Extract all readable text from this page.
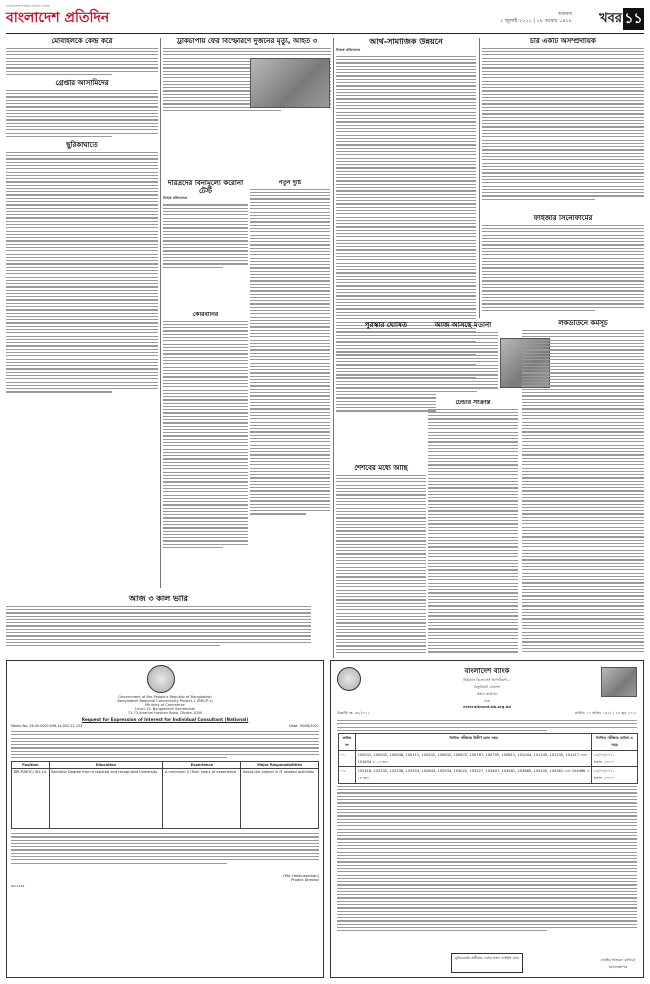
বাংলাদেশের সর্বাধিক প্রচারিত দৈনিক
বাংলাদেশ প্রতিদিন	শুক্রবার
২ জুলাই ২০২১ | ১৮ আষাঢ় ১৪২৮ খবর ১১
মোবাইলকে কেন্দ্র করে
গ্রেপ্তার আসামিদের
ছুরিকাঘাতে
আজ ৩ কাল ভারি
Government of the People's Republic of Bangladesh
Bangladesh Regional Connectivity Project-1 (BRCP-1)
Ministry of Commerce
Level-13, Bangladesh Secretariat
71-73 Ibrahim Hoshen Road, Dhaka-1000
Request for Expression of Interest for Individual Consultant (National)
Memo No: 26.00.0000.006.14.002.21-123	Date: 30/06/2021
Position	Education	Experience	Major Responsibilities
BRCP/MOC/ SD-14	Bachelor Degree from a reputed and recognized University	A minimum 5 (five) years of experience	Assist the project in IT related activities
(Md. Helaluzzaman)
Project Director
GD-1234
ট্রাকচাপায় ফের বিস্ফোরণে দুজনের মৃত্যু, আহত ৩
দরিদ্রদের বিনামূল্যে করোনা টেস্ট
নিজস্ব প্রতিবেদক
কোরবানির
নতুন দুষ্টি
আর্থ-সামাজিক উন্নয়নে
নিজস্ব প্রতিবেদক
পুরস্কার ঘোষিত
শৈশবের মধ্যে আছি
আজ আসছে মডার্না
টেন্ডার সংক্রান্ত
চরি একটি অসম্প্রদায়িক
ফাইজার সিনোফার্মের
লকডাউনে কর্মসূচ
বাংলাদেশ ব্যাংক
হিউম্যান রিসোর্সেস ডিপার্টমেন্ট-১
রিক্রুটমেন্ট সেকশন
প্রধান কার্যালয়
ঢাকা
erecruitment.bb.org.bd
বিজ্ঞপ্তি নং: ৪৮/২০২১	তারিখ: ১০ আষাঢ় ১৪২৮ / ২৪ জুন ২০২১
ক্রমিক নং	লিখিত পরীক্ষায় উত্তীর্ণ রোল নম্বর	লিখিত পরীক্ষার তারিখ ও সময়
০১.	100031, 100042, 100048, 100111, 100202, 100632, 100672, 100787, 100795, 100811, 101044, 101145, 101230, 101417 এবং 101634 = ১৫ জন	১৪/০৭/২০২১
সকাল ১০:০০
০২.	102318, 102332, 102338, 102553, 102643, 102934, 103022, 103327, 103407, 103581, 103685, 104100, 104361 এবং 104466 = ১৪ জন	১৫/০৭/২০২১
সকাল ১০:০০
মুজিববর্ষের অঙ্গীকার দেশের সকল ব্যাংকিং সেবা	(জহির আহমেদ রাজিব)
মহাব্যবস্থাপক
